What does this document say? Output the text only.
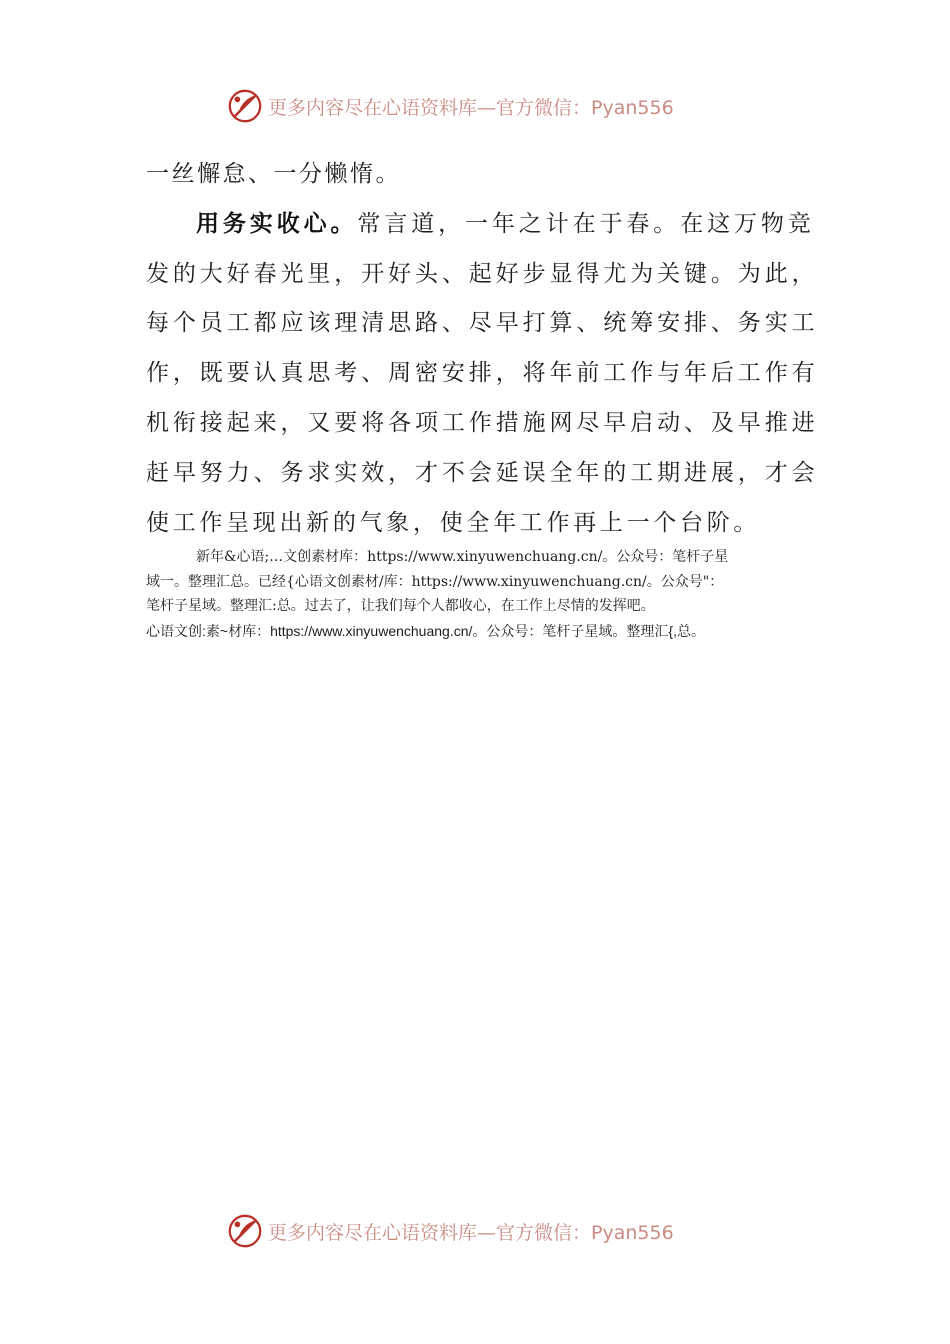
更多内容尽在心语资料库—官方微信：Pyan556
一丝懈怠、一分懒惰。
用务实收心。常言道，一年之计在于春。在这万物竞
发的大好春光里，开好头、起好步显得尤为关键。为此，
每个员工都应该理清思路、尽早打算、统筹安排、务实工
作，既要认真思考、周密安排，将年前工作与年后工作有
机衔接起来，又要将各项工作措施网尽早启动、及早推进
赶早努力、务求实效，才不会延误全年的工期进展，才会
使工作呈现出新的气象，使全年工作再上一个台阶。
新年&心语;…文创素材库：https://www.xinyuwenchuang.cn/。公众号：笔杆子星
域一。整理汇总。已经{心语文创素材/库：https://www.xinyuwenchuang.cn/。公众号"：
笔杆子星域。整理汇:总。过去了，让我们每个人都收心，在工作上尽情的发挥吧。
心语文创:素~材库：https://www.xinyuwenchuang.cn/。公众号：笔杆子星域。整理汇{,总。
更多内容尽在心语资料库—官方微信：Pyan556
